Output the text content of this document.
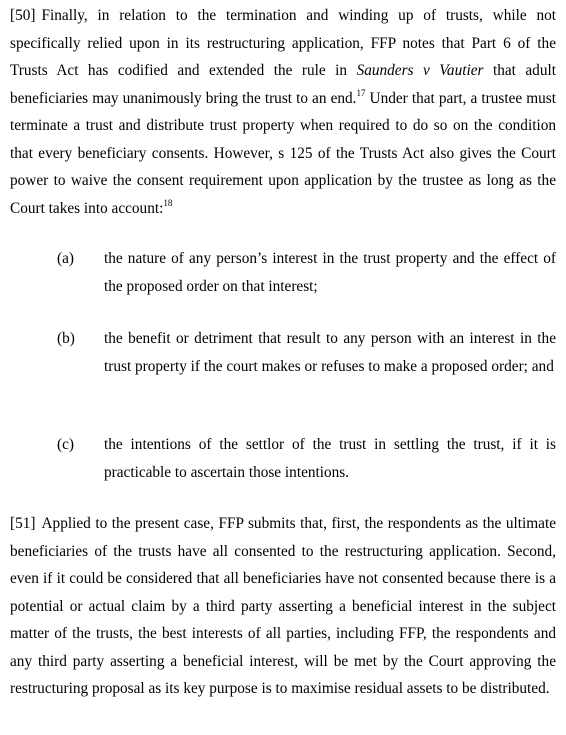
[50] Finally, in relation to the termination and winding up of trusts, while not specifically relied upon in its restructuring application, FFP notes that Part 6 of the Trusts Act has codified and extended the rule in Saunders v Vautier that adult beneficiaries may unanimously bring the trust to an end.$^{17}$ Under that part, a trustee must terminate a trust and distribute trust property when required to do so on the condition that every beneficiary consents. However, s 125 of the Trusts Act also gives the Court power to waive the consent requirement upon application by the trustee as long as the Court takes into account:$^{18}$

(a) the nature of any person’s interest in the trust property and the effect of the proposed order on that interest;

(b) the benefit or detriment that result to any person with an interest in the trust property if the court makes or refuses to make a proposed order; and

(c) the intentions of the settlor of the trust in settling the trust, if it is practicable to ascertain those intentions.

[51] Applied to the present case, FFP submits that, first, the respondents as the ultimate beneficiaries of the trusts have all consented to the restructuring application. Second, even if it could be considered that all beneficiaries have not consented because there is a potential or actual claim by a third party asserting a beneficial interest in the subject matter of the trusts, the best interests of all parties, including FFP, the respondents and any third party asserting a beneficial interest, will be met by the Court approving the restructuring proposal as its key purpose is to maximise residual assets to be distributed.
